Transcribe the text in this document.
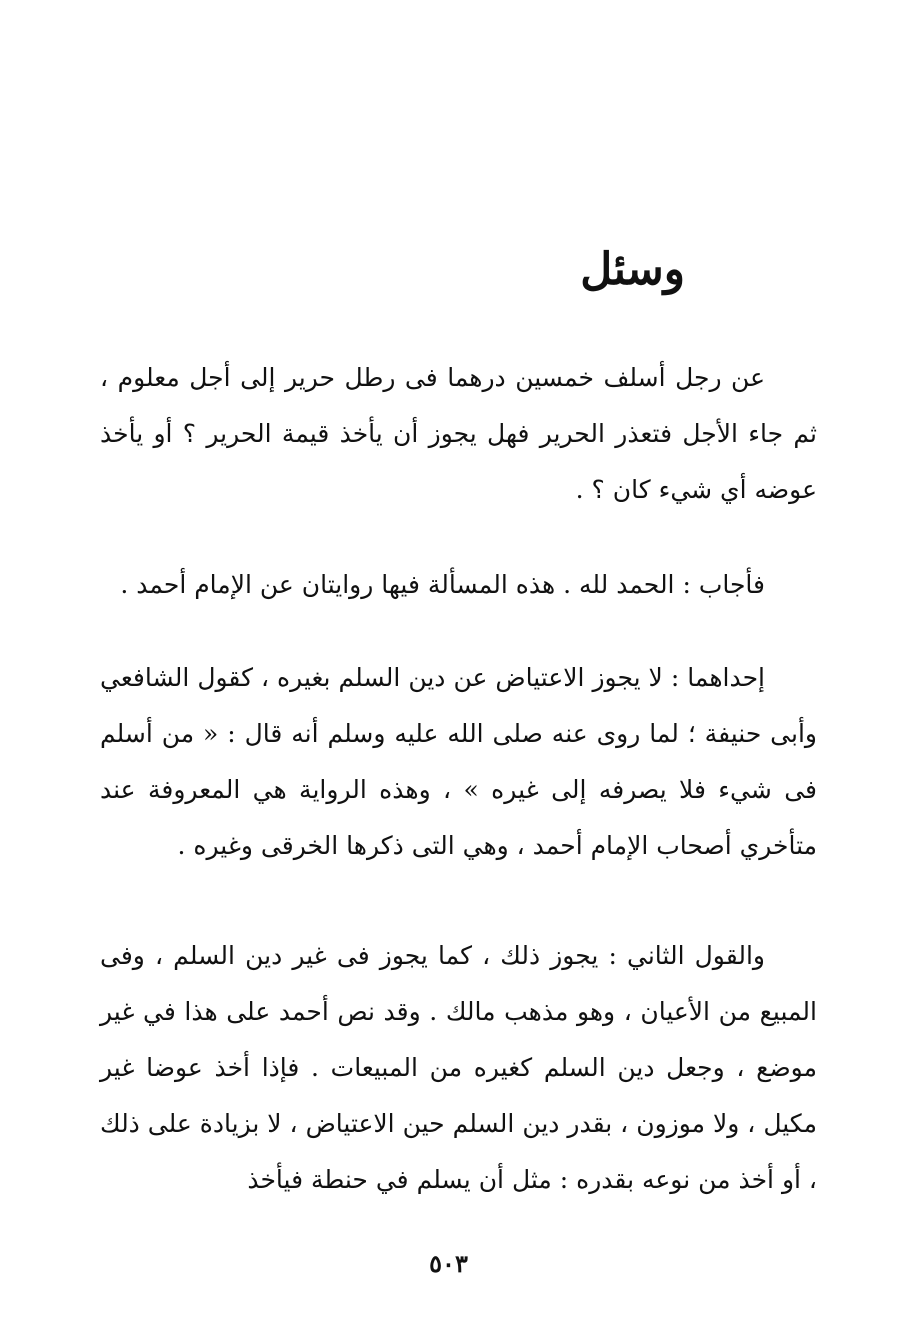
وسئل

عن رجل أسلف خمسين درهما فى رطل حرير إلى أجل معلوم ، ثم جاء الأجل فتعذر الحرير فهل يجوز أن يأخذ قيمة الحرير ؟ أو يأخذ عوضه أي شيء كان ؟ .

فأجاب : الحمد لله . هذه المسألة فيها روايتان عن الإمام أحمد .

إحداهما : لا يجوز الاعتياض عن دين السلم بغيره ، كقول الشافعي وأبى حنيفة ؛ لما روى عنه صلى الله عليه وسلم أنه قال : « من أسلم فى شيء فلا يصرفه إلى غيره » ، وهذه الرواية هي المعروفة عند متأخري أصحاب الإمام أحمد ، وهي التى ذكرها الخرقى وغيره .

والقول الثاني : يجوز ذلك ، كما يجوز فى غير دين السلم ، وفى المبيع من الأعيان ، وهو مذهب مالك . وقد نص أحمد على هذا في غير موضع ، وجعل دين السلم كغيره من المبيعات . فإذا أخذ عوضا غير مكيل ، ولا موزون ، بقدر دين السلم حين الاعتياض ، لا بزيادة على ذلك ، أو أخذ من نوعه بقدره : مثل أن يسلم في حنطة فيأخذ

٥٠٣
